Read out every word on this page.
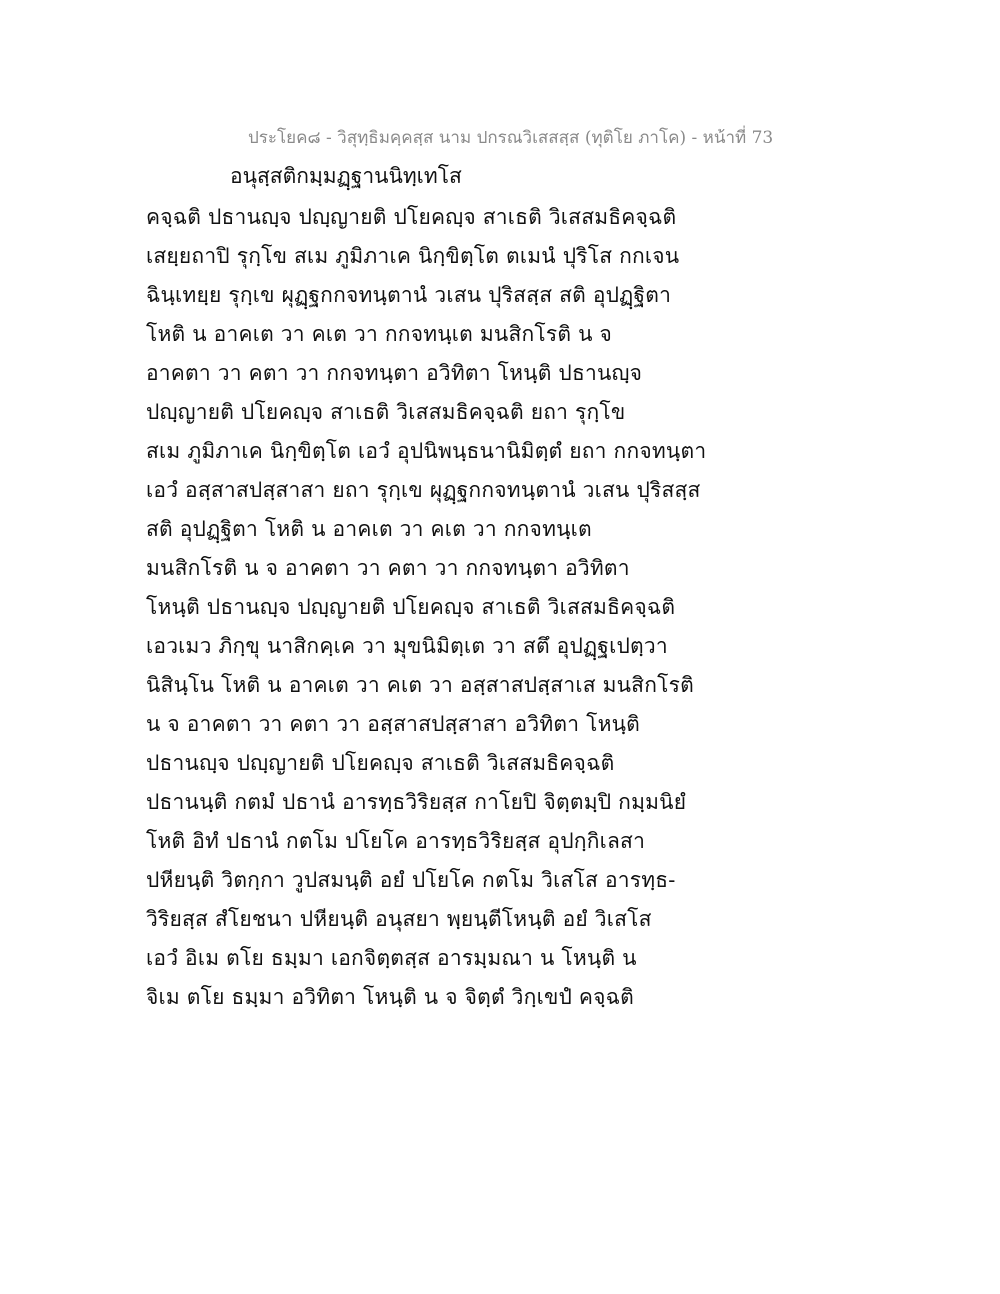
ประโยค๘ - วิสุทฺธิมคฺคสฺส นาม ปกรณวิเสสสฺส (ทุติโย ภาโค) - หน้าที่ 73
อนุสฺสติกมฺมฏฺฐานนิทฺเทโส
คจฺฉติ ปธานญฺจ ปญฺญายติ ปโยคญฺจ สาเธติ วิเสสมธิคจฺฉติ
เสยฺยถาปิ รุกฺโข สเม ภูมิภาเค นิกฺขิตฺโต ตเมนํ ปุริโส กกเจน
ฉินฺเทยฺย รุกฺเข ผุฏฺฐกกจทนฺตานํ วเสน ปุริสสฺส สติ อุปฏฺฐิตา
โหติ น อาคเต วา คเต วา กกจทนฺเต มนสิกโรติ น จ
อาคตา วา คตา วา กกจทนฺตา อวิทิตา โหนฺติ ปธานญฺจ
ปญฺญายติ ปโยคญฺจ สาเธติ วิเสสมธิคจฺฉติ ยถา รุกฺโข
สเม ภูมิภาเค นิกฺขิตฺโต เอวํ อุปนิพนฺธนานิมิตฺตํ ยถา กกจทนฺตา
เอวํ อสฺสาสปสฺสาสา ยถา รุกฺเข ผุฏฺฐกกจทนฺตานํ วเสน ปุริสสฺส
สติ อุปฏฺฐิตา โหติ น อาคเต วา คเต วา กกจทนฺเต
มนสิกโรติ น จ อาคตา วา คตา วา กกจทนฺตา อวิทิตา
โหนฺติ ปธานญฺจ ปญฺญายติ ปโยคญฺจ สาเธติ วิเสสมธิคจฺฉติ
เอวเมว ภิกฺขุ นาสิกคฺเค วา มุขนิมิตฺเต วา สตึ อุปฏฺฐเปตฺวา
นิสินฺโน โหติ น อาคเต วา คเต วา อสฺสาสปสฺสาเส มนสิกโรติ
น จ อาคตา วา คตา วา อสฺสาสปสฺสาสา อวิทิตา โหนฺติ
ปธานญฺจ ปญฺญายติ ปโยคญฺจ สาเธติ วิเสสมธิคจฺฉติ
ปธานนฺติ กตมํ ปธานํ อารทฺธวิริยสฺส กาโยปิ จิตฺตมฺปิ กมฺมนิยํ
โหติ อิทํ ปธานํ กตโม ปโยโค อารทฺธวิริยสฺส อุปกฺกิเลสา
ปหียนฺติ วิตกฺกา วูปสมนฺติ อยํ ปโยโค กตโม วิเสโส อารทฺธ-
วิริยสฺส สํโยชนา ปหียนฺติ อนุสยา พฺยนฺตีโหนฺติ อยํ วิเสโส
เอวํ อิเม ตโย ธมฺมา เอกจิตฺตสฺส อารมฺมณา น โหนฺติ น
จิเม ตโย ธมฺมา อวิทิตา โหนฺติ น จ จิตฺตํ วิกฺเขปํ คจฺฉติ
